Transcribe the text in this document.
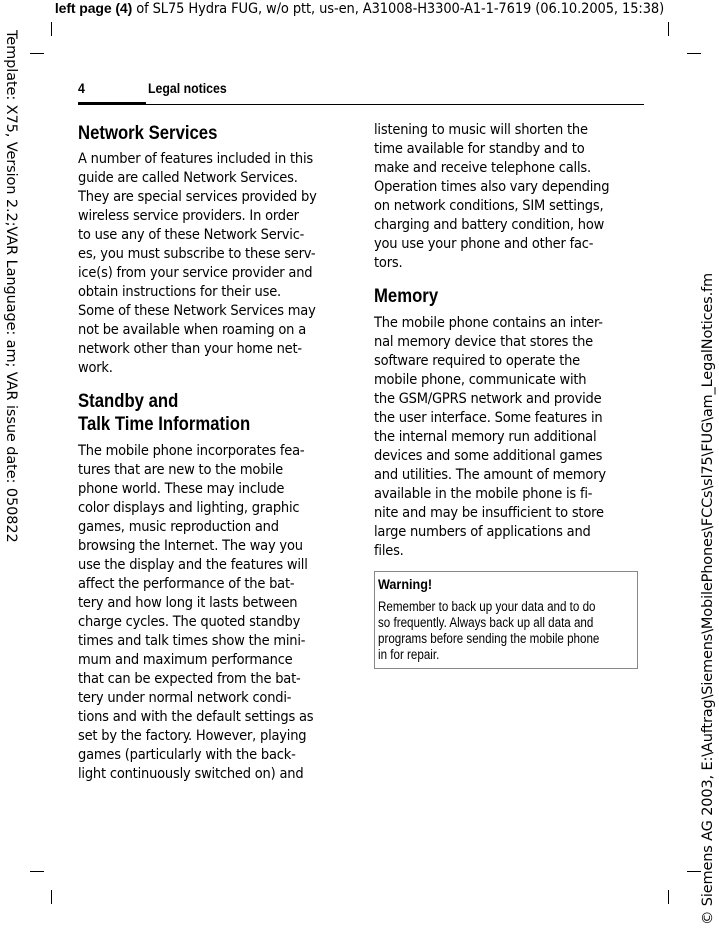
left page (4) of SL75 Hydra FUG, w/o ptt, us-en, A31008-H3300-A1-1-7619 (06.10.2005, 15:38)
Template: X75, Version 2.2;VAR Language: am; VAR issue date: 050822	© Siemens AG 2003, E:\Auftrag\Siemens\MobilePhones\FCCs\sl75\FUG\am_LegalNotices.fm
4	Legal notices
Network Services

A number of features included in this
guide are called Network Services.
They are special services provided by
wireless service providers. In order
to use any of these Network Servic-
es, you must subscribe to these serv-
ice(s) from your service provider and
obtain instructions for their use.
Some of these Network Services may
not be available when roaming on a
network other than your home net-
work.

Standby and
Talk Time Information

The mobile phone incorporates fea-
tures that are new to the mobile
phone world. These may include
color displays and lighting, graphic
games, music reproduction and
browsing the Internet. The way you
use the display and the features will
affect the performance of the bat-
tery and how long it lasts between
charge cycles. The quoted standby
times and talk times show the mini-
mum and maximum performance
that can be expected from the bat-
tery under normal network condi-
tions and with the default settings as
set by the factory. However, playing
games (particularly with the back-
light continuously switched on) and

listening to music will shorten the
time available for standby and to
make and receive telephone calls.
Operation times also vary depending
on network conditions, SIM settings,
charging and battery condition, how
you use your phone and other fac-
tors.

Memory

The mobile phone contains an inter-
nal memory device that stores the
software required to operate the
mobile phone, communicate with
the GSM/GPRS network and provide
the user interface. Some features in
the internal memory run additional
devices and some additional games
and utilities. The amount of memory
available in the mobile phone is fi-
nite and may be insufficient to store
large numbers of applications and
files.

Warning!
Remember to back up your data and to do
so frequently. Always back up all data and
programs before sending the mobile phone
in for repair.
